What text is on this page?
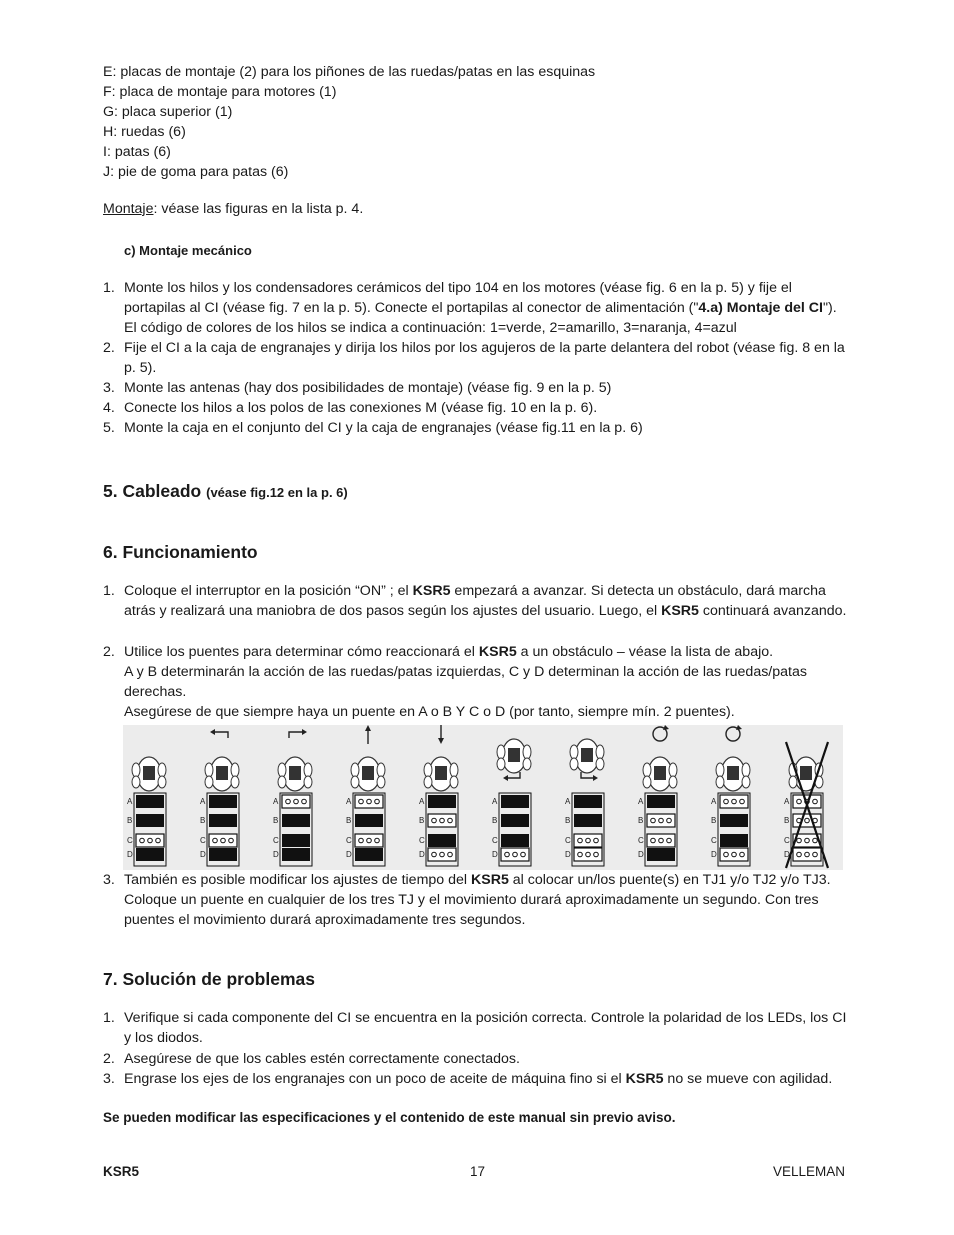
E: placas de montaje (2) para los piñones de las ruedas/patas en las esquinas
F: placa de montaje para motores (1)
G: placa superior (1)
H: ruedas (6)
I: patas (6)
J: pie de goma para patas (6)
Montaje: véase las figuras en la lista p. 4.
c) Montaje mecánico
1. Monte los hilos y los condensadores cerámicos del tipo 104 en los motores (véase fig. 6 en la p. 5) y fije el portapilas al CI (véase fig. 7 en la p. 5). Conecte el portapilas al conector de alimentación ("4.a) Montaje del CI"). El código de colores de los hilos se indica a continuación: 1=verde, 2=amarillo, 3=naranja, 4=azul
2. Fije el CI a la caja de engranajes y dirija los hilos por los agujeros de la parte delantera del robot (véase fig. 8 en la p. 5).
3. Monte las antenas (hay dos posibilidades de montaje) (véase fig. 9 en la p. 5)
4. Conecte los hilos a los polos de las conexiones M (véase fig. 10 en la p. 6).
5. Monte la caja en el conjunto del CI y la caja de engranajes (véase fig.11 en la p. 6)
5. Cableado (véase fig.12 en la p. 6)
6. Funcionamiento
1. Coloque el interruptor en la posición “ON” ; el KSR5 empezará a avanzar. Si detecta un obstáculo, dará marcha atrás y realizará una maniobra de dos pasos según los ajustes del usuario. Luego, el KSR5 continuará avanzando.
2. Utilice los puentes para determinar cómo reaccionará el KSR5 a un obstáculo – véase la lista de abajo.
A y B determinarán la acción de las ruedas/patas izquierdas, C y D determinan la acción de las ruedas/patas derechas.
Asegúrese de que siempre haya un puente en A o B Y C o D (por tanto, siempre mín. 2 puentes).
A
B
C
D
A
B
C
D
A
B
C
D
A
B
C
D
A
B
C
D
A
B
C
D
A
B
C
D
A
B
C
D
A
B
C
D
A
B
C
D
3. También es posible modificar los ajustes de tiempo del KSR5 al colocar un/los puente(s) en TJ1 y/o TJ2 y/o TJ3. Coloque un puente en cualquier de los tres TJ y el movimiento durará aproximadamente un segundo. Con tres puentes el movimiento durará aproximadamente tres segundos.
7. Solución de problemas
1. Verifique si cada componente del CI se encuentra en la posición correcta. Controle la polaridad de los LEDs, los CI y los diodos.
2. Asegúrese de que los cables estén correctamente conectados.
3. Engrase los ejes de los engranajes con un poco de aceite de máquina fino si el KSR5 no se mueve con agilidad.
Se pueden modificar las especificaciones y el contenido de este manual sin previo aviso.
KSR5	17	VELLEMAN
